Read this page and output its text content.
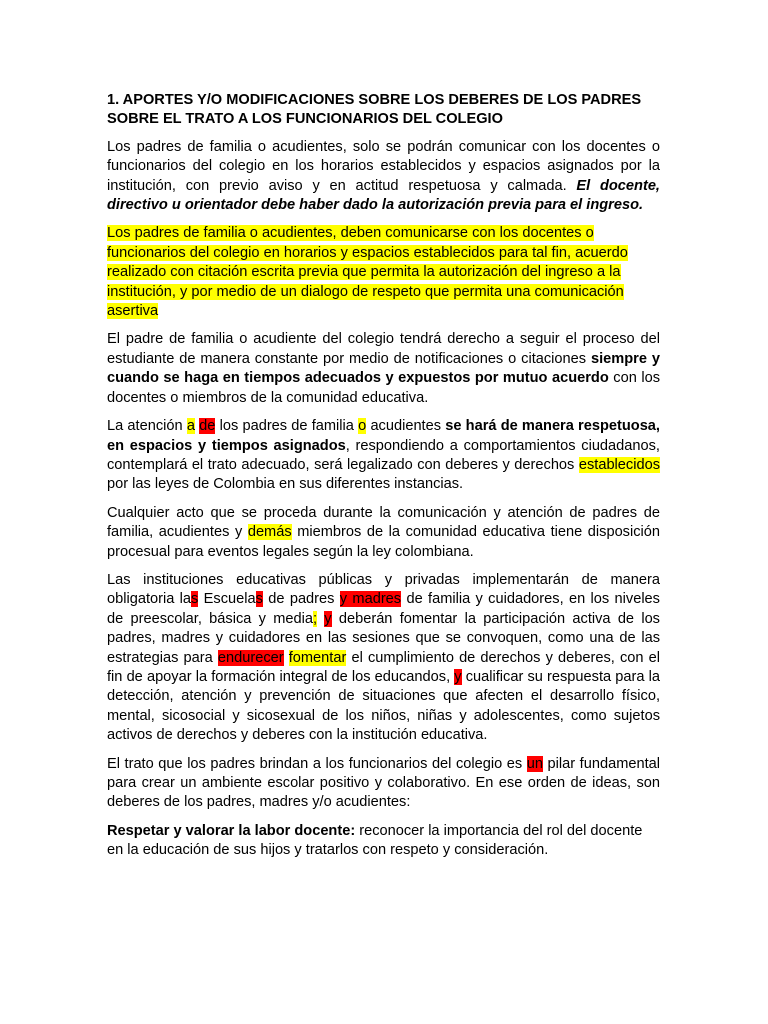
1. APORTES Y/O MODIFICACIONES SOBRE LOS DEBERES DE LOS PADRES SOBRE EL TRATO A LOS FUNCIONARIOS DEL COLEGIO

Los padres de familia o acudientes, solo se podrán comunicar con los docentes o funcionarios del colegio en los horarios establecidos y espacios asignados por la institución, con previo aviso y en actitud respetuosa y calmada. El docente, directivo u orientador debe haber dado la autorización previa para el ingreso.

Los padres de familia o acudientes, deben comunicarse con los docentes o funcionarios del colegio en horarios y espacios establecidos para tal fin, acuerdo realizado con citación escrita previa que permita la autorización del ingreso a la institución, y por medio de un dialogo de respeto que permita una comunicación asertiva

El padre de familia o acudiente del colegio tendrá derecho a seguir el proceso del estudiante de manera constante por medio de notificaciones o citaciones siempre y cuando se haga en tiempos adecuados y expuestos por mutuo acuerdo con los docentes o miembros de la comunidad educativa.

La atención a de los padres de familia o acudientes se hará de manera respetuosa, en espacios y tiempos asignados, respondiendo a comportamientos ciudadanos, contemplará el trato adecuado, será legalizado con deberes y derechos establecidos por las leyes de Colombia en sus diferentes instancias.

Cualquier acto que se proceda durante la comunicación y atención de padres de familia, acudientes y demás miembros de la comunidad educativa tiene disposición procesual para eventos legales según la ley colombiana.

Las instituciones educativas públicas y privadas implementarán de manera obligatoria las Escuelas de padres y madres de familia y cuidadores, en los niveles de preescolar, básica y media; y deberán fomentar la participación activa de los padres, madres y cuidadores en las sesiones que se convoquen, como una de las estrategias para endurecer fomentar el cumplimiento de derechos y deberes, con el fin de apoyar la formación integral de los educandos, y cualificar su respuesta para la detección, atención y prevención de situaciones que afecten el desarrollo físico, mental, sicosocial y sicosexual de los niños, niñas y adolescentes, como sujetos activos de derechos y deberes con la institución educativa.

El trato que los padres brindan a los funcionarios del colegio es un pilar fundamental para crear un ambiente escolar positivo y colaborativo. En ese orden de ideas, son deberes de los padres, madres y/o acudientes:

Respetar y valorar la labor docente: reconocer la importancia del rol del docente en la educación de sus hijos y tratarlos con respeto y consideración.
